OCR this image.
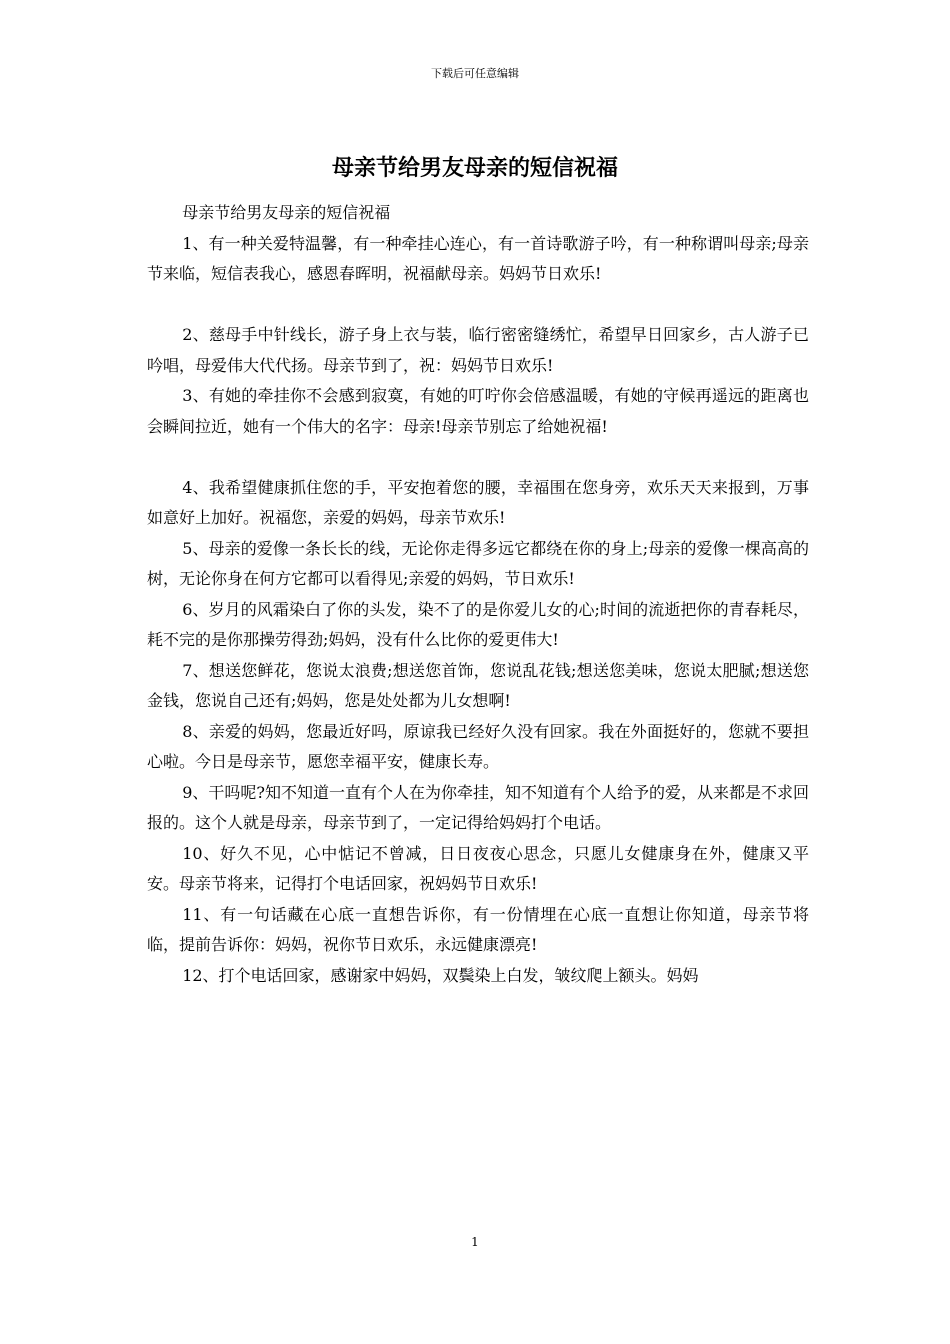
下载后可任意编辑
母亲节给男友母亲的短信祝福

母亲节给男友母亲的短信祝福

1、有一种关爱特温馨，有一种牵挂心连心，有一首诗歌游子吟，有一种称谓叫母亲;母亲节来临，短信表我心，感恩春晖明，祝福献母亲。妈妈节日欢乐!

2、慈母手中针线长，游子身上衣与装，临行密密缝绣忙，希望早日回家乡，古人游子已吟唱，母爱伟大代代扬。母亲节到了，祝：妈妈节日欢乐!

3、有她的牵挂你不会感到寂寞，有她的叮咛你会倍感温暖，有她的守候再遥远的距离也会瞬间拉近，她有一个伟大的名字：母亲!母亲节别忘了给她祝福!

4、我希望健康抓住您的手，平安抱着您的腰，幸福围在您身旁，欢乐天天来报到，万事如意好上加好。祝福您，亲爱的妈妈，母亲节欢乐!

5、母亲的爱像一条长长的线，无论你走得多远它都绕在你的身上;母亲的爱像一棵高高的树，无论你身在何方它都可以看得见;亲爱的妈妈，节日欢乐!

6、岁月的风霜染白了你的头发，染不了的是你爱儿女的心;时间的流逝把你的青春耗尽，耗不完的是你那操劳得劲;妈妈，没有什么比你的爱更伟大!

7、想送您鲜花，您说太浪费;想送您首饰，您说乱花钱;想送您美味，您说太肥腻;想送您金钱，您说自己还有;妈妈，您是处处都为儿女想啊!

8、亲爱的妈妈，您最近好吗，原谅我已经好久没有回家。我在外面挺好的，您就不要担心啦。今日是母亲节，愿您幸福平安，健康长寿。

9、干吗呢?知不知道一直有个人在为你牵挂，知不知道有个人给予的爱，从来都是不求回报的。这个人就是母亲，母亲节到了，一定记得给妈妈打个电话。

10、好久不见，心中惦记不曾减，日日夜夜心思念，只愿儿女健康身在外，健康又平安。母亲节将来，记得打个电话回家，祝妈妈节日欢乐!

11、有一句话藏在心底一直想告诉你，有一份情埋在心底一直想让你知道，母亲节将临，提前告诉你：妈妈，祝你节日欢乐，永远健康漂亮!

12、打个电话回家，感谢家中妈妈，双鬓染上白发，皱纹爬上额头。妈妈

1
